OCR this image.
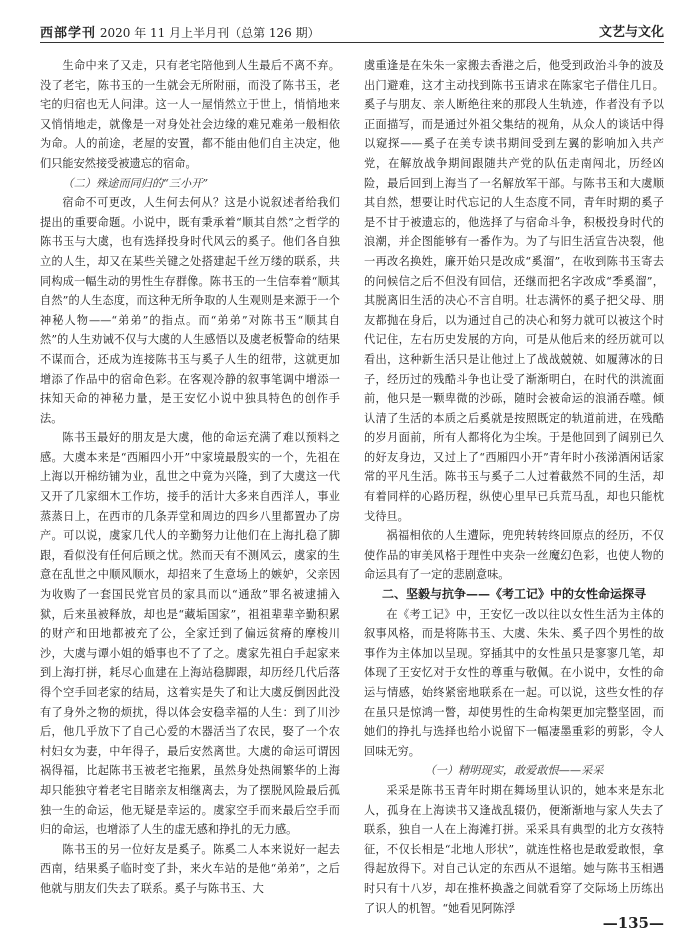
西部学刊 2020 年 11 月上半月刊（总第 126 期）	文艺与文化

生命中来了又走，只有老宅陪他到人生最后不离不弃。没了老宅，陈书玉的一生就会无所附丽，而没了陈书玉，老宅的归宿也无人问津。这一人一屋悄然立于世上，悄悄地来又悄悄地走，就像是一对身处社会边缘的难兄难弟一般相依为命。人的前途，老屋的安置，都不能由他们自主决定，他们只能安然接受被遗忘的宿命。

（二）殊途而同归的“三小开”

宿命不可更改，人生何去何从？这是小说叙述者给我们提出的重要命题。小说中，既有秉承着“顺其自然”之哲学的陈书玉与大虞，也有选择投身时代风云的奚子。他们各自独立的人生，却又在某些关键之处搭建起千丝万缕的联系，共同构成一幅生动的男性生存群像。陈书玉的一生信奉着“顺其自然”的人生态度，而这种无所争取的人生观则是来源于一个神秘人物——“弟弟”的指点。而“弟弟”对陈书玉“顺其自然”的人生劝诫不仅与大虞的人生感悟以及虞老板警命的结果不谋而合，还成为连接陈书玉与奚子人生的纽带，这就更加增添了作品中的宿命色彩。在客观冷静的叙事笔调中增添一抹知天命的神秘力量，是王安忆小说中独具特色的创作手法。

陈书玉最好的朋友是大虞，他的命运充满了难以预料之感。大虞本来是“西厢四小开”中家境最殷实的一个，先祖在上海以开棉纺铺为业，乱世之中竟为兴隆，到了大虞这一代又开了几家细木工作坊，接手的活计大多来自西洋人，事业蒸蒸日上，在西市的几条弄堂和周边的四乡八里都置办了房产。可以说，虞家几代人的辛勤努力让他们在上海扎稳了脚跟，看似没有任何后顾之忧。然而天有不测风云，虞家的生意在乱世之中顺风顺水，却招来了生意场上的嫉妒，父亲因为收购了一套国民党官员的家具而以“通敌”罪名被逮捕入狱，后来虽被释放，却也是“藏垢国家”，祖祖辈辈辛勤积累的财产和田地都被充了公，全家迁到了偏远贫瘠的摩梭川沙，大虞与谭小姐的婚事也不了了之。虞家先祖白手起家来到上海打拼，耗尽心血建在上海站稳脚跟，却历经几代后落得个空手回老家的结局，这着实是失了和让大虞反倒因此没有了身外之物的烦扰，得以体会安稳幸福的人生：到了川沙后，他几乎放下了自己心爱的木器活当了农民，娶了一个农村妇女为妻，中年得子，最后安然离世。大虞的命运可谓因祸得福，比起陈书玉被老宅拖累，虽然身处热闹繁华的上海却只能独守着老宅目睹亲友相继离去，为了摆脱风险最后孤独一生的命运，他无疑是幸运的。虞家空手而来最后空手而归的命运，也增添了人生的虚无感和挣扎的无力感。

陈书玉的另一位好友是奚子。陈奚二人本来说好一起去西南，结果奚子临时变了卦，来火车站的是他“弟弟”，之后他就与朋友们失去了联系。奚子与陈书玉、大

虞重逢是在朱朱一家搬去香港之后，他受到政治斗争的波及出门避难，这才主动找到陈书玉请求在陈家宅子借住几日。奚子与朋友、亲人断绝往来的那段人生轨迹，作者没有予以正面描写，而是通过外祖父集结的视角，从众人的谈话中得以窥探——奚子在美专读书期间受到左翼的影响加入共产党，在解放战争期间跟随共产党的队伍走南闯北，历经凶险，最后回到上海当了一名解放军干部。与陈书玉和大虞顺其自然，想要让时代忘记的人生态度不同，青年时期的奚子是不甘于被遗忘的，他选择了与宿命斗争，积极投身时代的浪潮，并企图能够有一番作为。为了与旧生活宣告决裂，他一再改名换姓，廉开始只是改成“奚溜”，在收到陈书玉寄去的问候信之后不但没有回信，还继而把名字改成“季奚溜”，其脱离旧生活的决心不言自明。壮志满怀的奚子把父母、朋友都抛在身后，以为通过自己的决心和努力就可以被这个时代记住，左右历史发展的方向，可是从他后来的经历就可以看出，这种新生活只是让他过上了战战兢兢、如履薄冰的日子，经历过的残酷斗争也让受了渐渐明白，在时代的洪流面前，他只是一颗卑微的沙砾，随时会被命运的浪涌吞噬。倾认清了生活的本质之后奚就是按照既定的轨道前进，在残酷的岁月面前，所有人都将化为尘埃。于是他回到了阔别已久的好友身边，又过上了“西厢四小开”青年时小孩涕酒闲话家常的平凡生活。陈书玉与奚子二人过着截然不同的生活，却有着同样的心路历程，纵使心里早已兵荒马乱，却也只能枕戈待旦。

祸福相依的人生遭际，兜兜转转终回原点的经历，不仅使作品的审美风格于理性中夹杂一丝魔幻色彩，也使人物的命运具有了一定的悲剧意味。

二、坚毅与抗争——《考工记》中的女性命运探寻

在《考工记》中，王安忆一改以往以女性生活为主体的叙事风格，而是将陈书玉、大虞、朱朱、奚子四个男性的故事作为主体加以呈现。穿插其中的女性虽只是寥寥几笔，却体现了王安忆对于女性的尊重与敬佩。在小说中，女性的命运与情感，始终紧密地联系在一起。可以说，这些女性的存在虽只是惊鸿一瞥，却使男性的生命构架更加完整坚固，而她们的挣扎与选择也给小说留下一幅凄墨重彩的剪影，令人回味无穷。

（一）精明现实，敢爱敢恨——采采

采采是陈书玉青年时期在舞场里认识的，她本来是东北人，孤身在上海读书又逢战乱辍仍，便渐渐地与家人失去了联系，独自一人在上海滩打拼。采采具有典型的北方女孩特征，不仅长相是“北地人形状”，就连性格也是敢爱敢恨，拿得起放得下。对自己认定的东西从不退缩。她与陈书玉相遇时只有十八岁，却在推杯换盏之间就看穿了交际场上历练出了识人的机智。“她看见阿陈浮

—135—
